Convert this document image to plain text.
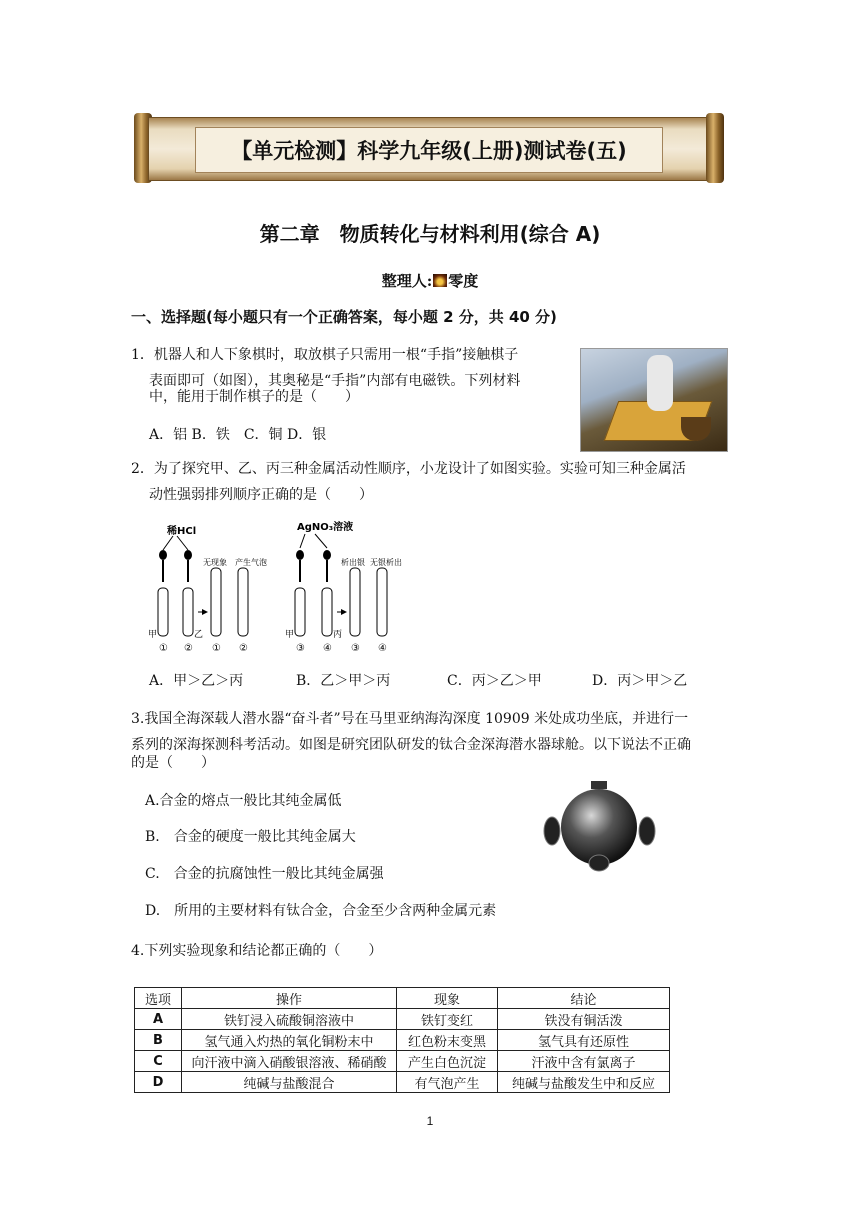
【单元检测】科学九年级(上册)测试卷(五)
第二章　物质转化与材料利用(综合 A)
整理人: 零度
一、选择题(每小题只有一个正确答案，每小题 2 分，共 40 分)
1．机器人和人下象棋时，取放棋子只需用一根“手指”接触棋子
表面即可（如图），其奥秘是“手指”内部有电磁铁。下列材料
中，能用于制作棋子的是（　　）
A．铝 B．铁　C．铜 D．银
2．为了探究甲、乙、丙三种金属活动性顺序，小龙设计了如图实验。实验可知三种金属活
动性强弱排列顺序正确的是（　　）
稀HCl
无现象 产生气泡
甲	乙
① ② ① ②
AgNO₃溶液
析出银 无银析出
甲	丙
③ ④ ③ ④
A．甲＞乙＞丙	B．乙＞甲＞丙	C．丙＞乙＞甲	D．丙＞甲＞乙
3.我国全海深载人潜水器“奋斗者”号在马里亚纳海沟深度 10909 米处成功坐底，并进行一
系列的深海探测科考活动。如图是研究团队研发的钛合金深海潜水器球舱。以下说法不正确
的是（　　）
A.合金的熔点一般比其纯金属低
B.　合金的硬度一般比其纯金属大
C.　合金的抗腐蚀性一般比其纯金属强
D.　所用的主要材料有钛合金，合金至少含两种金属元素
4.下列实验现象和结论都正确的（　　）
选项	操作	现象	结论
A	铁钉浸入硫酸铜溶液中	铁钉变红	铁没有铜活泼
B	氢气通入灼热的氧化铜粉末中	红色粉末变黑	氢气具有还原性
C	向汗液中滴入硝酸银溶液、稀硝酸	产生白色沉淀	汗液中含有氯离子
D	纯碱与盐酸混合	有气泡产生	纯碱与盐酸发生中和反应
1
